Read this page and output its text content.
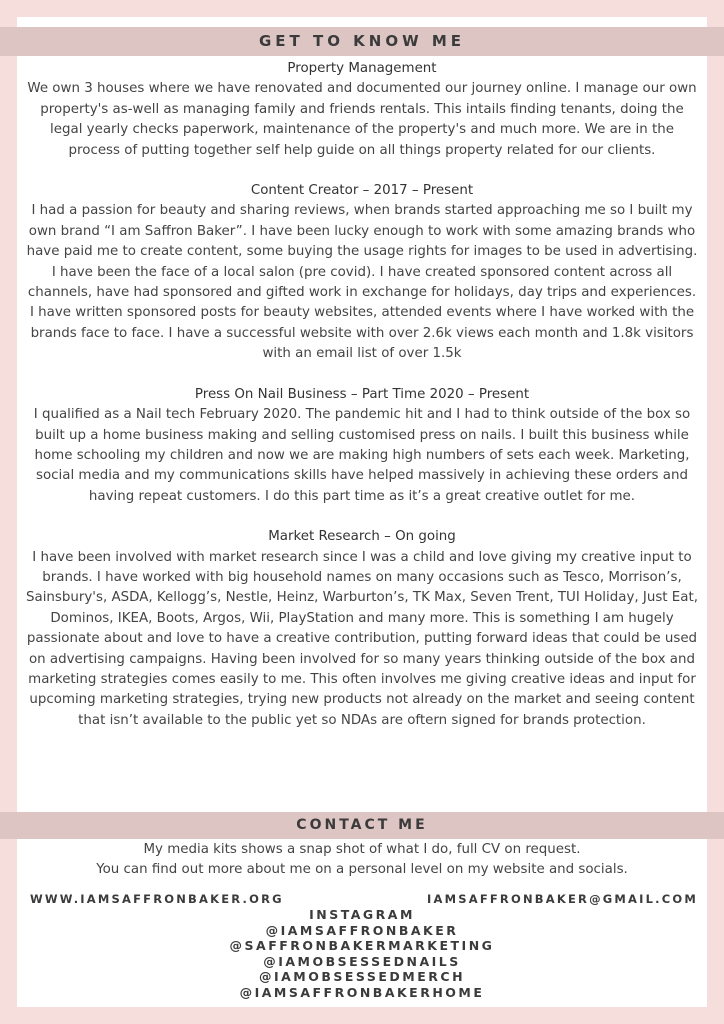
GET TO KNOW ME
Property Management
We own 3 houses where we have renovated and documented our journey online. I manage our own property's as-well as managing family and friends rentals. This intails finding tenants, doing the legal yearly checks paperwork, maintenance of the property's and much more. We are in the process of putting together self help guide on all things property related for our clients.
Content Creator – 2017 – Present
I had a passion for beauty and sharing reviews, when brands started approaching me so I built my own brand “I am Saffron Baker”. I have been lucky enough to work with some amazing brands who have paid me to create content, some buying the usage rights for images to be used in advertising. I have been the face of a local salon (pre covid). I have created sponsored content across all channels, have had sponsored and gifted work in exchange for holidays, day trips and experiences. I have written sponsored posts for beauty websites, attended events where I have worked with the brands face to face. I have a successful website with over 2.6k views each month and 1.8k visitors with an email list of over 1.5k
Press On Nail Business – Part Time 2020 – Present
I qualified as a Nail tech February 2020. The pandemic hit and I had to think outside of the box so built up a home business making and selling customised press on nails. I built this business while home schooling my children and now we are making high numbers of sets each week. Marketing, social media and my communications skills have helped massively in achieving these orders and having repeat customers. I do this part time as it’s a great creative outlet for me.
Market Research – On going
I have been involved with market research since I was a child and love giving my creative input to brands. I have worked with big household names on many occasions such as Tesco, Morrison’s, Sainsbury's, ASDA, Kellogg’s, Nestle, Heinz, Warburton’s, TK Max, Seven Trent, TUI Holiday, Just Eat, Dominos, IKEA, Boots, Argos, Wii, PlayStation and many more. This is something I am hugely passionate about and love to have a creative contribution, putting forward ideas that could be used on advertising campaigns. Having been involved for so many years thinking outside of the box and marketing strategies comes easily to me. This often involves me giving creative ideas and input for upcoming marketing strategies, trying new products not already on the market and seeing content that isn’t available to the public yet so NDAs are oftern signed for brands protection.
CONTACT ME
My media kits shows a snap shot of what I do, full CV on request.
You can find out more about me on a personal level on my website and socials.
WWW.IAMSAFFRONBAKER.ORG	IAMSAFFRONBAKER@GMAIL.COM
INSTAGRAM
@IAMSAFFRONBAKER
@SAFFRONBAKERMARKETING
@IAMOBSESSEDNAILS
@IAMOBSESSEDMERCH
@IAMSAFFRONBAKERHOME
